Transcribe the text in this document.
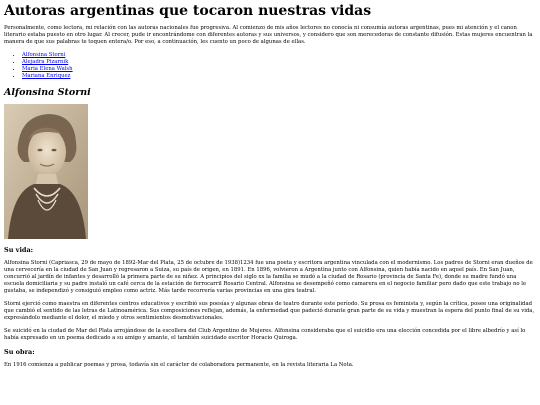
Autoras argentinas que tocaron nuestras vidas

Personalmente, como lectora, mi relación con las autoras nacionales fue progresiva. Al comienzo de mis años lectores no conocía ni consumía autoras argentinas, pues mi atención y el canon literario estaba puesto en otro lugar. Al crecer, pude ir encontrándome con diferentes autoras y sus universos, y considero que son merecedoras de constante difusión. Estas mujeres encuentran la manera de que sus palabras te toquen entera/o. Por eso, a continuación, les cuento un poco de algunas de ellas.

• Alfonsina Storni
• Alejadra Pizarnik
• Maria Elena Walsh
• Mariana Enriquez
Alfonsina Storni
Su vida:

Alfonsina Storni (Capriasca, 29 de mayo de 1892-Mar del Plata, 25 de octubre de 1938)1234 fue una poeta y escritora argentina vinculada con el modernismo. Los padres de Storni eran dueños de una cervecería en la ciudad de San Juan y regresaron a Suiza, su país de origen, en 1891. En 1896, volvieron a Argentina junto con Alfonsina, quien había nacido en aquel país. En San Juan, concurrió al jardín de infantes y desarrolló la primera parte de su niñez. A principios del siglo xx la familia se mudó a la ciudad de Rosario (provincia de Santa Fe), donde su madre fundó una escuela domiciliaria y su padre instaló un café cerca de la estación de ferrocarril Rosario Central. Alfonsina se desempeñó como camarera en el negocio familiar pero dado que este trabajo no le gustaba, se independizó y consiguió empleo como actriz. Más tarde recorrería varias provincias en una gira teatral.

Storni ejerció como maestra en diferentes centros educativos y escribió sus poesías y algunas obras de teatro durante este período. Su prosa es feminista y, según la crítica, posee una originalidad que cambió el sentido de las letras de Latinoamérica. Sus composiciones reflejan, además, la enfermedad que padeció durante gran parte de su vida y muestran la espera del punto final de su vida, expresándolo mediante el dolor, el miedo y otros sentimientos desmotivacionales.

Se suicidó en la ciudad de Mar del Plata arrojándose de la escollera del Club Argentino de Mujeres. Alfonsina consideraba que el suicidio era una elección concedida por el libre albedrío y así lo había expresado en un poema dedicado a su amigo y amante, el también suicidado escritor Horacio Quiroga.

Su obra:

En 1916 comienza a publicar poemas y prosa, todavía sin el carácter de colaboradora permanente, en la revista literaria La Nota.
